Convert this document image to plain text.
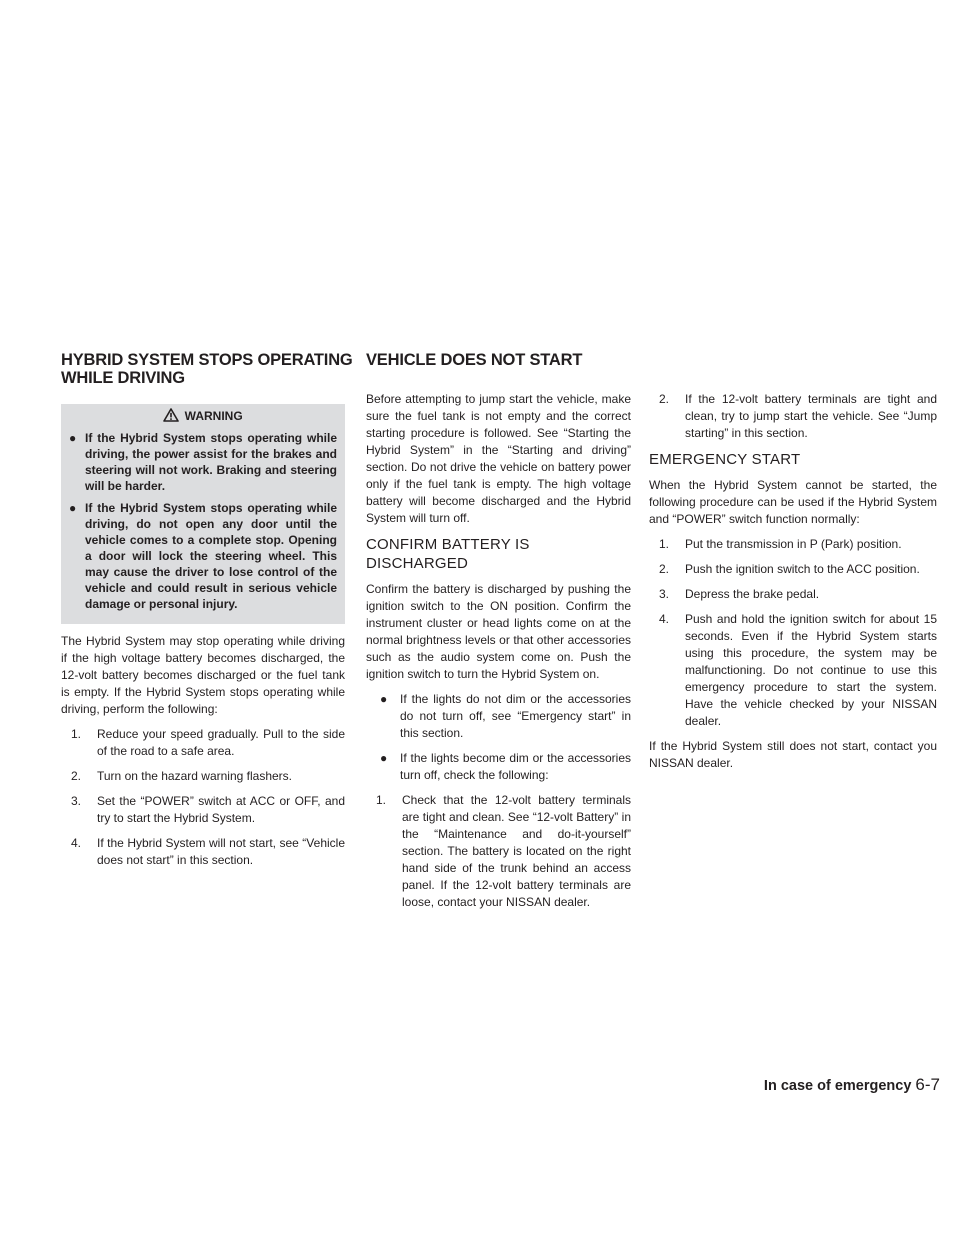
HYBRID SYSTEM STOPS OPERATING
WHILE DRIVING
VEHICLE DOES NOT START
WARNING
● If the Hybrid System stops operating while driving, the power assist for the brakes and steering will not work. Braking and steering will be harder.
● If the Hybrid System stops operating while driving, do not open any door until the vehicle comes to a complete stop. Opening a door will lock the steering wheel. This may cause the driver to lose control of the vehicle and could result in serious vehicle damage or personal injury.

The Hybrid System may stop operating while driving if the high voltage battery becomes discharged, the 12-volt battery becomes discharged or the fuel tank is empty. If the Hybrid System stops operating while driving, perform the following:

1. Reduce your speed gradually. Pull to the side of the road to a safe area.
2. Turn on the hazard warning flashers.
3. Set the “POWER” switch at ACC or OFF, and try to start the Hybrid System.
4. If the Hybrid System will not start, see “Vehicle does not start” in this section.

Before attempting to jump start the vehicle, make sure the fuel tank is not empty and the correct starting procedure is followed. See “Starting the Hybrid System” in the “Starting and driving” section. Do not drive the vehicle on battery power only if the fuel tank is empty. The high voltage battery will become discharged and the Hybrid System will turn off.

CONFIRM BATTERY IS DISCHARGED

Confirm the battery is discharged by pushing the ignition switch to the ON position. Confirm the instrument cluster or head lights come on at the normal brightness levels or that other accessories such as the audio system come on. Push the ignition switch to turn the Hybrid System on.

● If the lights do not dim or the accessories do not turn off, see “Emergency start” in this section.
● If the lights become dim or the accessories turn off, check the following:
1. Check that the 12-volt battery terminals are tight and clean. See “12-volt Battery” in the “Maintenance and do-it-yourself” section. The battery is located on the right hand side of the trunk behind an access panel. If the 12-volt battery terminals are loose, contact your NISSAN dealer.
2. If the 12-volt battery terminals are tight and clean, try to jump start the vehicle. See “Jump starting” in this section.
EMERGENCY START

When the Hybrid System cannot be started, the following procedure can be used if the Hybrid System and “POWER” switch function normally:

1. Put the transmission in P (Park) position.
2. Push the ignition switch to the ACC position.
3. Depress the brake pedal.
4. Push and hold the ignition switch for about 15 seconds. Even if the Hybrid System starts using this procedure, the system may be malfunctioning. Do not continue to use this emergency procedure to start the system. Have the vehicle checked by your NISSAN dealer.

If the Hybrid System still does not start, contact you NISSAN dealer.

In case of emergency 6-7
